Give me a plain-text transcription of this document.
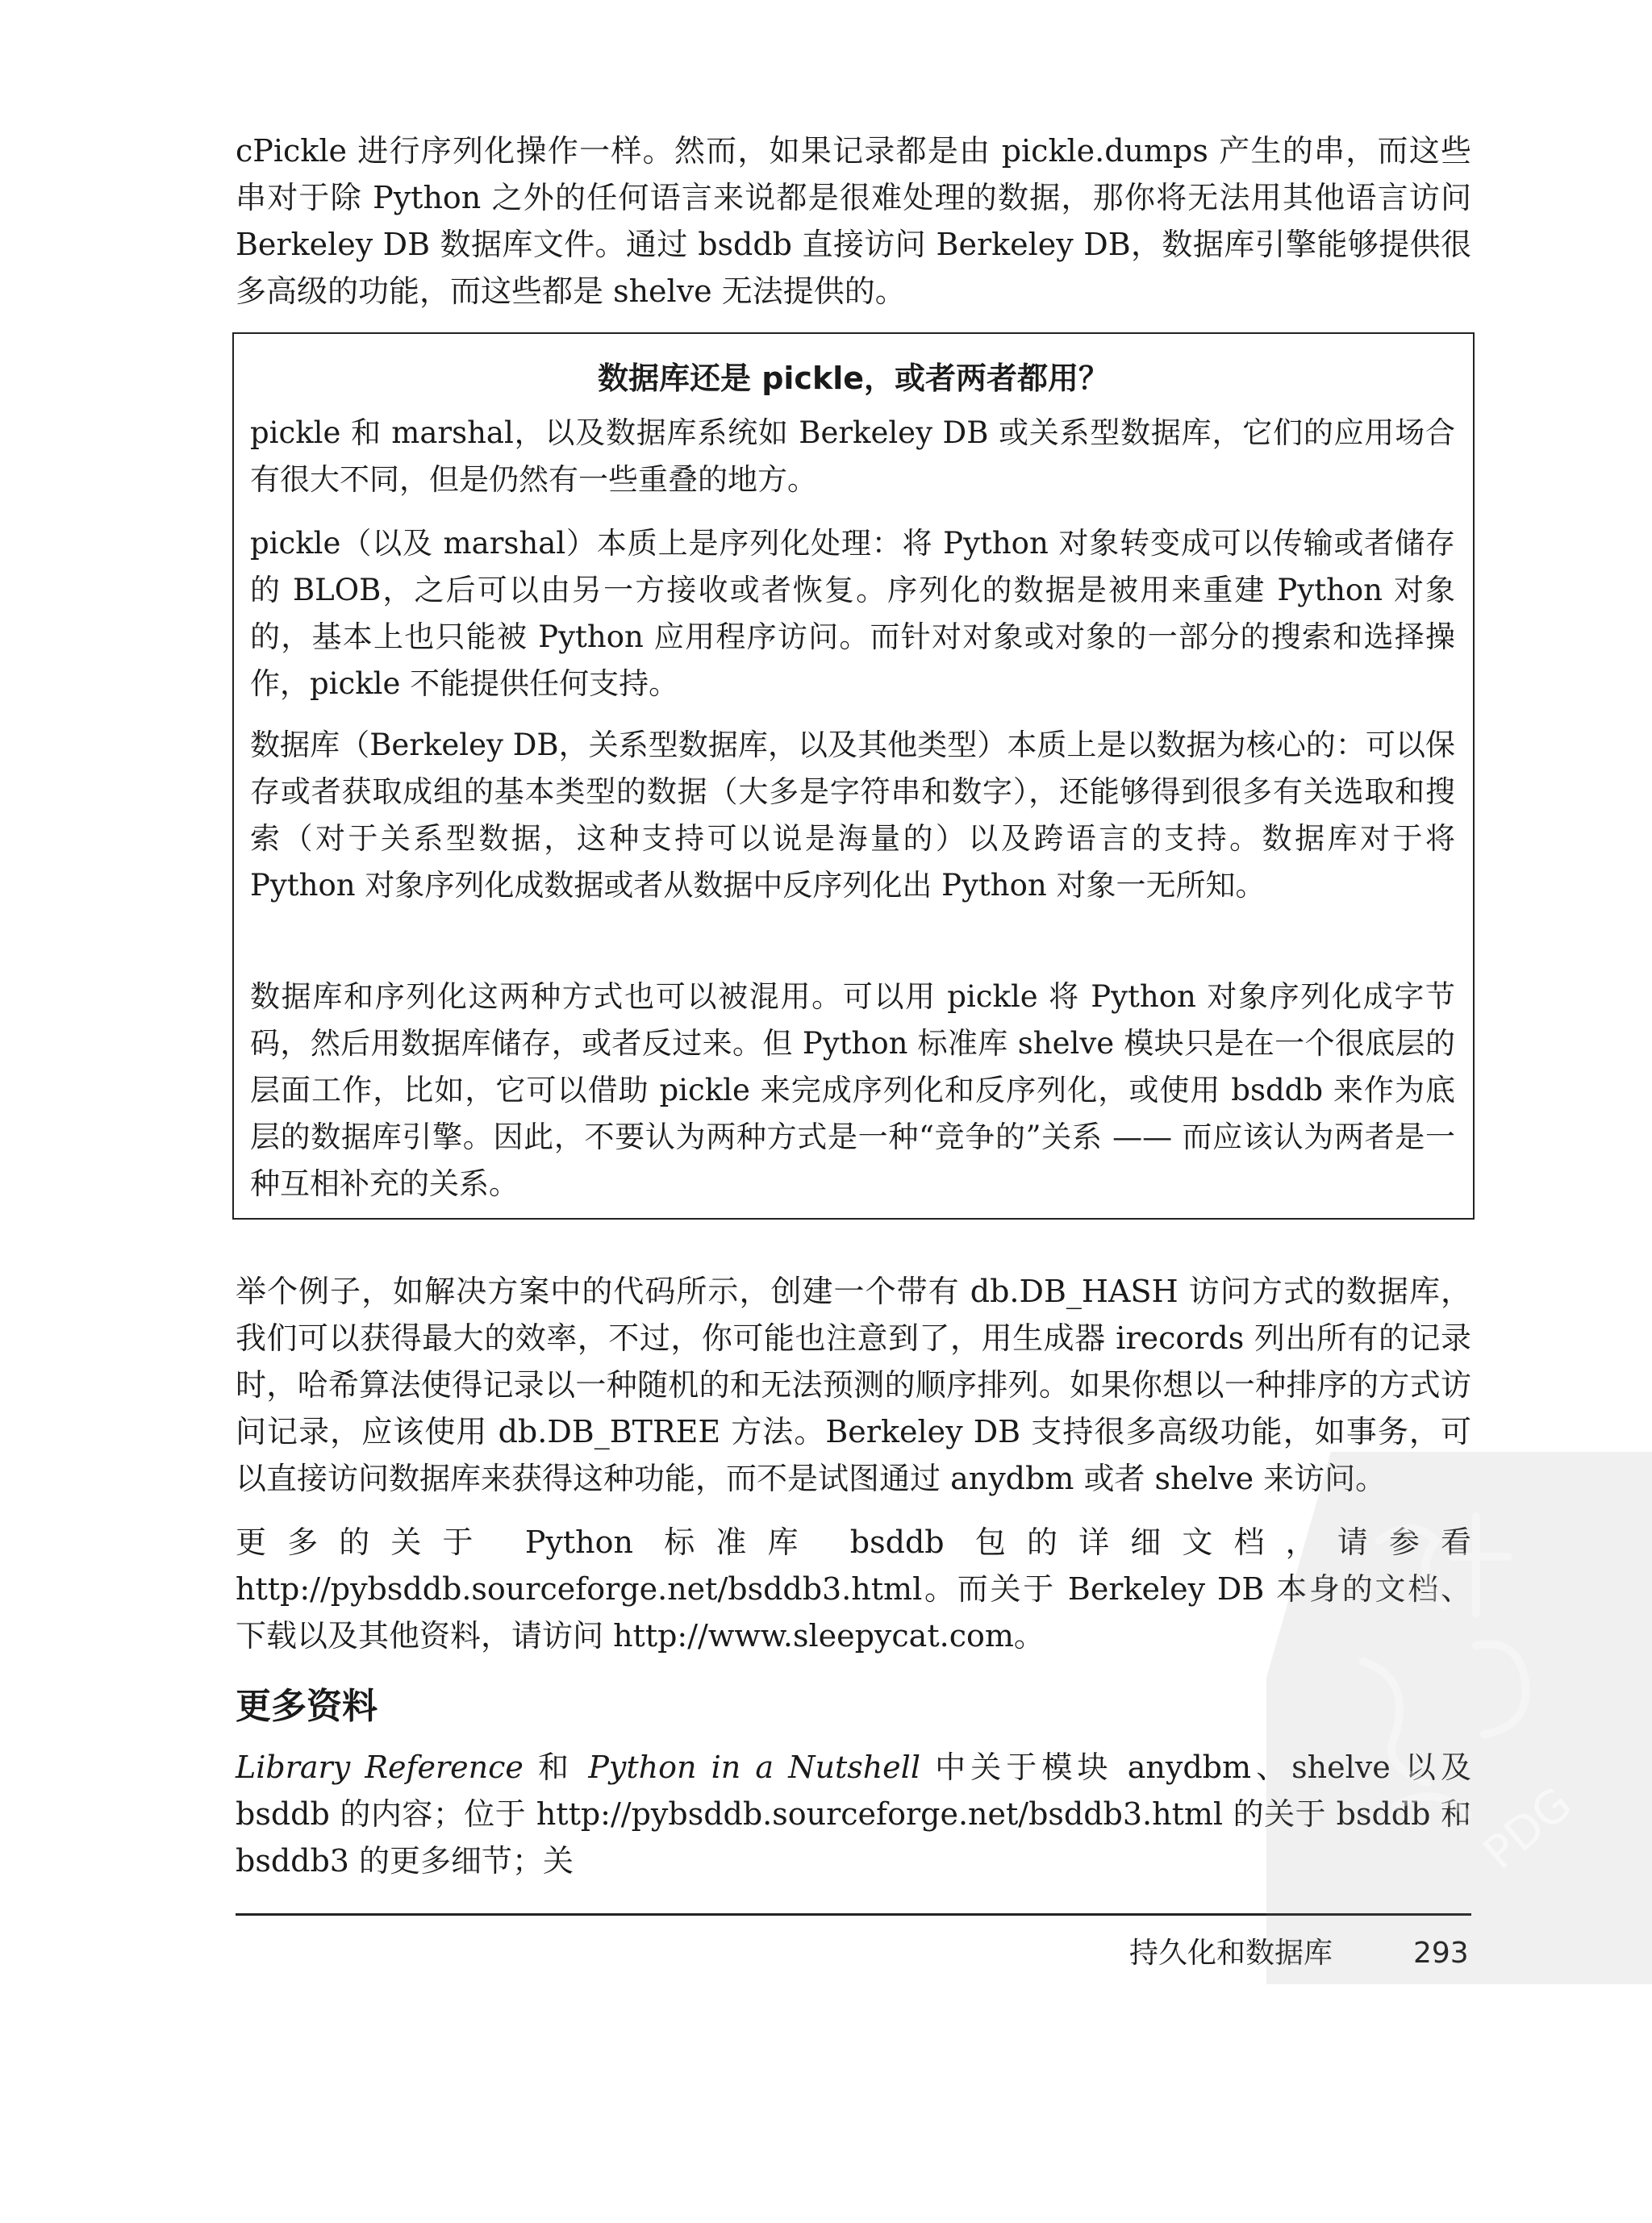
cPickle 进行序列化操作一样。然而，如果记录都是由 pickle.dumps 产生的串，而这些串对于除 Python 之外的任何语言来说都是很难处理的数据，那你将无法用其他语言访问 Berkeley DB 数据库文件。通过 bsddb 直接访问 Berkeley DB，数据库引擎能够提供很多高级的功能，而这些都是 shelve 无法提供的。

数据库还是 pickle，或者两者都用？

pickle 和 marshal，以及数据库系统如 Berkeley DB 或关系型数据库，它们的应用场合有很大不同，但是仍然有一些重叠的地方。

pickle（以及 marshal）本质上是序列化处理：将 Python 对象转变成可以传输或者储存的 BLOB，之后可以由另一方接收或者恢复。序列化的数据是被用来重建 Python 对象的，基本上也只能被 Python 应用程序访问。而针对对象或对象的一部分的搜索和选择操作，pickle 不能提供任何支持。

数据库（Berkeley DB，关系型数据库，以及其他类型）本质上是以数据为核心的：可以保存或者获取成组的基本类型的数据（大多是字符串和数字），还能够得到很多有关选取和搜索（对于关系型数据，这种支持可以说是海量的）以及跨语言的支持。数据库对于将 Python 对象序列化成数据或者从数据中反序列化出 Python 对象一无所知。

数据库和序列化这两种方式也可以被混用。可以用 pickle 将 Python 对象序列化成字节码，然后用数据库储存，或者反过来。但 Python 标准库 shelve 模块只是在一个很底层的层面工作，比如，它可以借助 pickle 来完成序列化和反序列化，或使用 bsddb 来作为底层的数据库引擎。因此，不要认为两种方式是一种“竞争的”关系 —— 而应该认为两者是一种互相补充的关系。

举个例子，如解决方案中的代码所示，创建一个带有 db.DB_HASH 访问方式的数据库，我们可以获得最大的效率，不过，你可能也注意到了，用生成器 irecords 列出所有的记录时，哈希算法使得记录以一种随机的和无法预测的顺序排列。如果你想以一种排序的方式访问记录，应该使用 db.DB_BTREE 方法。Berkeley DB 支持很多高级功能，如事务，可以直接访问数据库来获得这种功能，而不是试图通过 anydbm 或者 shelve 来访问。

更多的关于 Python 标准库 bsddb 包的详细文档，请参看 http://pybsddb.sourceforge.net/bsddb3.html。而关于 Berkeley DB 本身的文档、下载以及其他资料，请访问 http://www.sleepycat.com。

更多资料

Library Reference 和 Python in a Nutshell 中关于模块 anydbm、shelve 以及 bsddb 的内容；位于 http://pybsddb.sourceforge.net/bsddb3.html 的关于 bsddb 和 bsddb3 的更多细节；关

持久化和数据库	293
PDG
